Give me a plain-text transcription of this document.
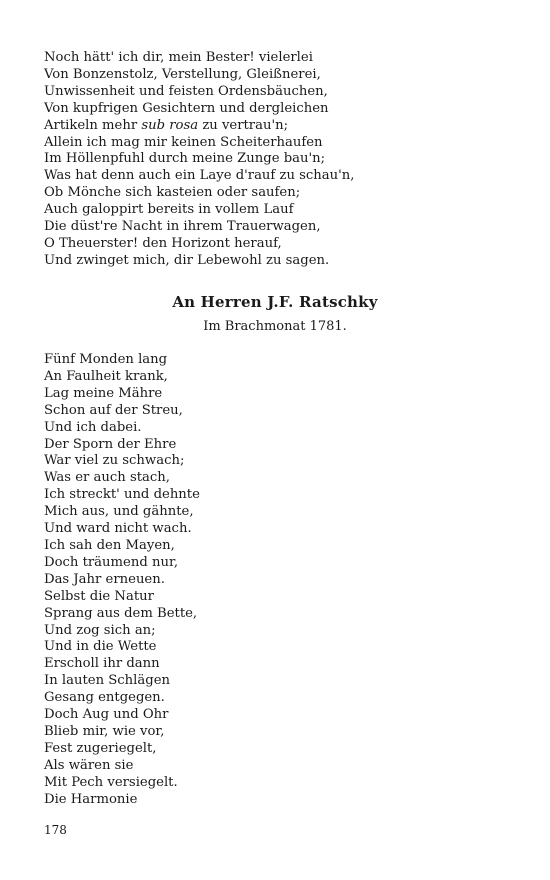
Noch hätt' ich dir, mein Bester! vielerlei
Von Bonzenstolz, Verstellung, Gleißnerei,
Unwissenheit und feisten Ordensbäuchen,
Von kupfrigen Gesichtern und dergleichen
Artikeln mehr sub rosa zu vertrau'n;
Allein ich mag mir keinen Scheiterhaufen
Im Höllenpfuhl durch meine Zunge bau'n;
Was hat denn auch ein Laye d'rauf zu schau'n,
Ob Mönche sich kasteien oder saufen;
Auch galoppirt bereits in vollem Lauf
Die düst're Nacht in ihrem Trauerwagen,
O Theuerster! den Horizont herauf,
Und zwinget mich, dir Lebewohl zu sagen.
An Herren J.F. Ratschky
Im Brachmonat 1781.
Fünf Monden lang
An Faulheit krank,
Lag meine Mähre
Schon auf der Streu,
Und ich dabei.
Der Sporn der Ehre
War viel zu schwach;
Was er auch stach,
Ich streckt' und dehnte
Mich aus, und gähnte,
Und ward nicht wach.
Ich sah den Mayen,
Doch träumend nur,
Das Jahr erneuen.
Selbst die Natur
Sprang aus dem Bette,
Und zog sich an;
Und in die Wette
Erscholl ihr dann
In lauten Schlägen
Gesang entgegen.
Doch Aug und Ohr
Blieb mir, wie vor,
Fest zugeriegelt,
Als wären sie
Mit Pech versiegelt.
Die Harmonie
178
